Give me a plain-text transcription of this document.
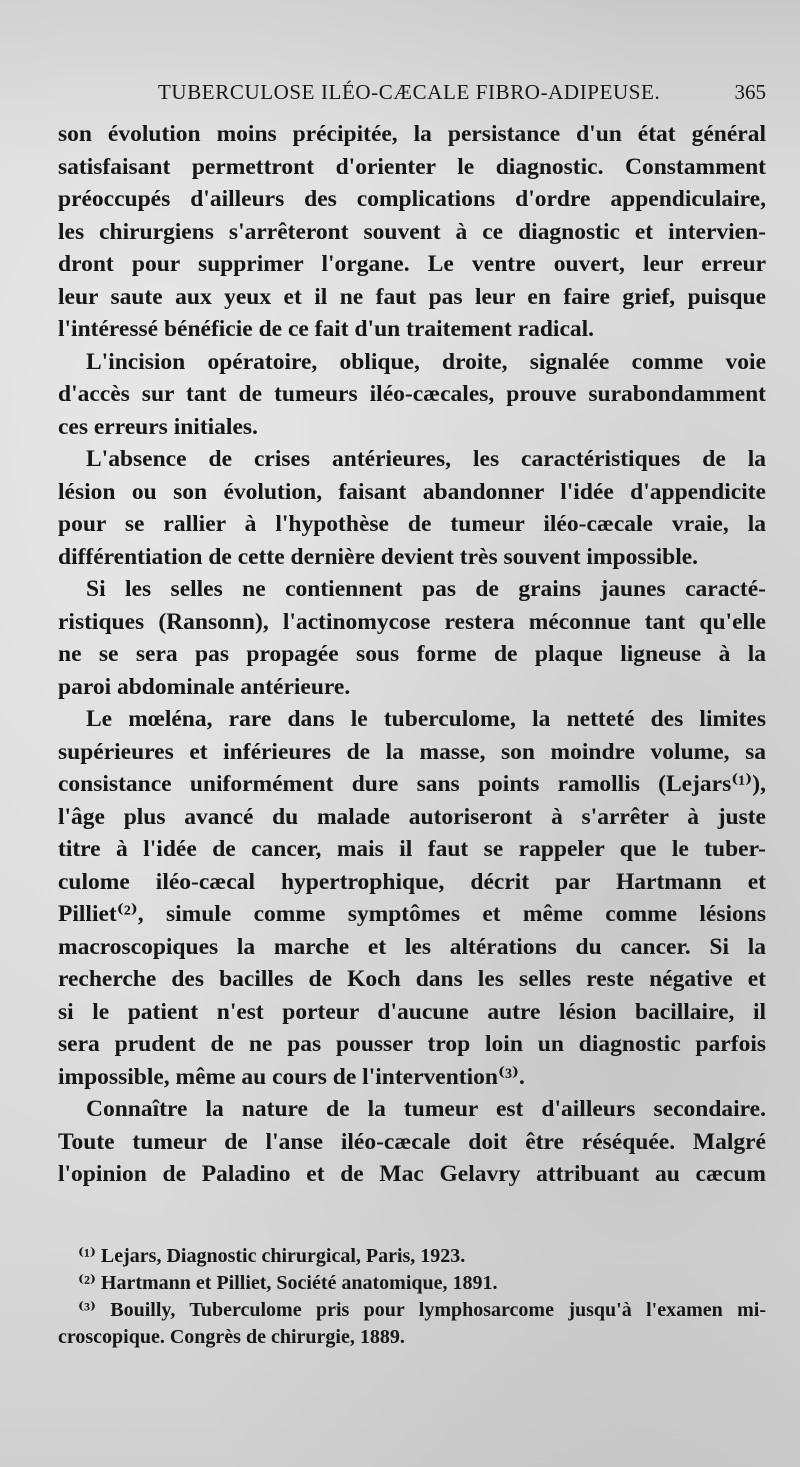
TUBERCULOSE ILÉO-CÆCALE FIBRO-ADIPEUSE.	365
son évolution moins précipitée, la persistance d'un état général
satisfaisant permettront d'orienter le diagnostic. Constamment
préoccupés d'ailleurs des complications d'ordre appendiculaire,
les chirurgiens s'arrêteront souvent à ce diagnostic et intervien-
dront pour supprimer l'organe. Le ventre ouvert, leur erreur
leur saute aux yeux et il ne faut pas leur en faire grief, puisque
l'intéressé bénéficie de ce fait d'un traitement radical.
L'incision opératoire, oblique, droite, signalée comme voie
d'accès sur tant de tumeurs iléo-cæcales, prouve surabondamment
ces erreurs initiales.
L'absence de crises antérieures, les caractéristiques de la
lésion ou son évolution, faisant abandonner l'idée d'appendicite
pour se rallier à l'hypothèse de tumeur iléo-cæcale vraie, la
différentiation de cette dernière devient très souvent impossible.
Si les selles ne contiennent pas de grains jaunes caracté-
ristiques (Ransonn), l'actinomycose restera méconnue tant qu'elle
ne se sera pas propagée sous forme de plaque ligneuse à la
paroi abdominale antérieure.
Le mœléna, rare dans le tuberculome, la netteté des limites
supérieures et inférieures de la masse, son moindre volume, sa
consistance uniformément dure sans points ramollis (Lejars⁽¹⁾),
l'âge plus avancé du malade autoriseront à s'arrêter à juste
titre à l'idée de cancer, mais il faut se rappeler que le tuber-
culome iléo-cæcal hypertrophique, décrit par Hartmann et
Pilliet⁽²⁾, simule comme symptômes et même comme lésions
macroscopiques la marche et les altérations du cancer. Si la
recherche des bacilles de Koch dans les selles reste négative et
si le patient n'est porteur d'aucune autre lésion bacillaire, il
sera prudent de ne pas pousser trop loin un diagnostic parfois
impossible, même au cours de l'intervention⁽³⁾.
Connaître la nature de la tumeur est d'ailleurs secondaire.
Toute tumeur de l'anse iléo-cæcale doit être réséquée. Malgré
l'opinion de Paladino et de Mac Gelavry attribuant au cæcum
⁽¹⁾ Lejars, Diagnostic chirurgical, Paris, 1923.
⁽²⁾ Hartmann et Pilliet, Société anatomique, 1891.
⁽³⁾ Bouilly, Tuberculome pris pour lymphosarcome jusqu'à l'examen mi-
croscopique. Congrès de chirurgie, 1889.
